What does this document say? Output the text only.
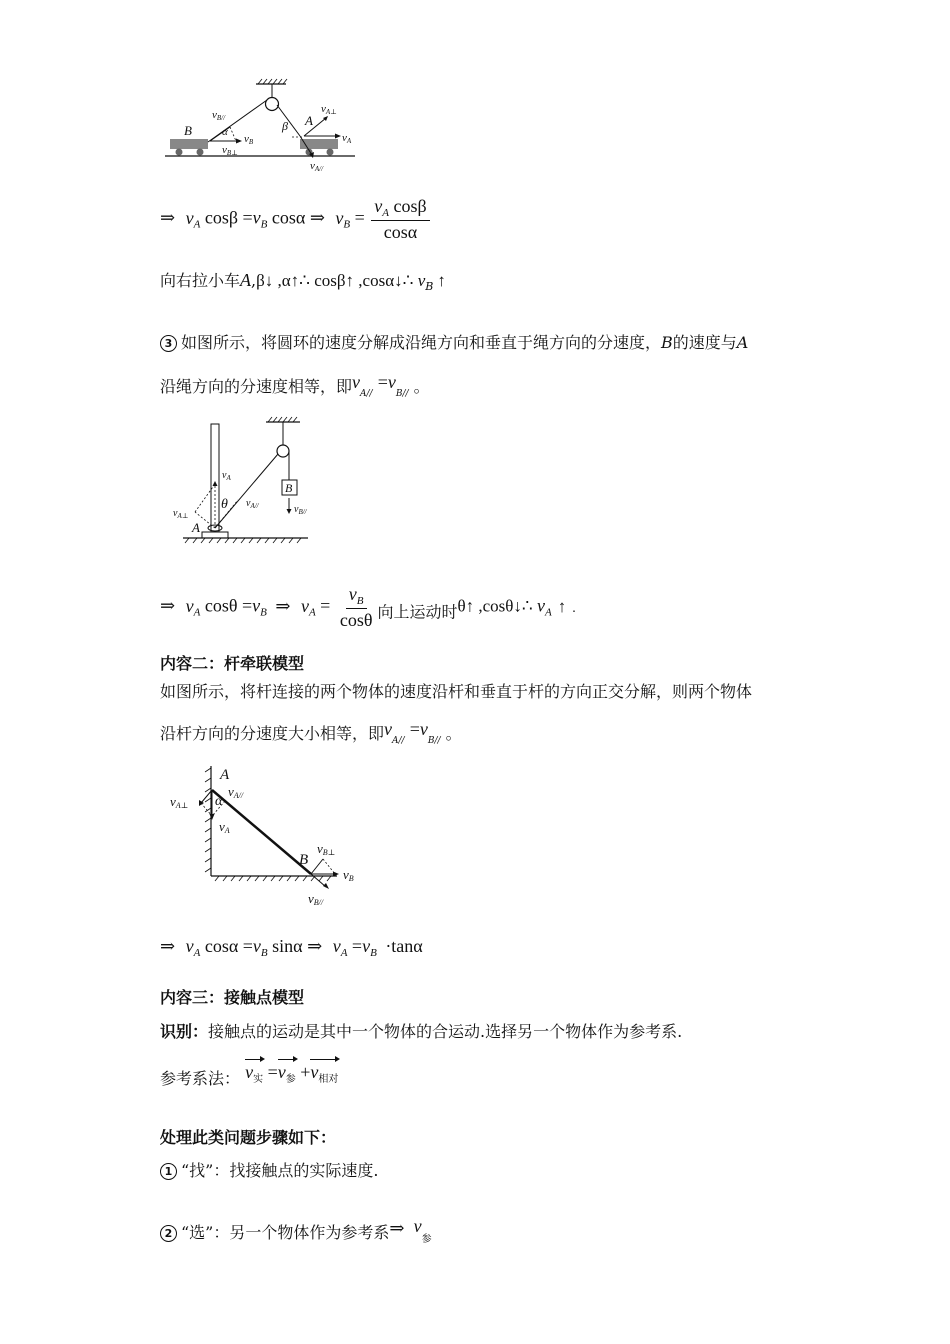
B
A
α	β
vB//
vB
vB⊥
vA⊥
vA
vA//
⇒ $v_A$ $\cos\beta =v_B$ cosα ⇒ $v_B = \frac{v_A \cos\beta}{\cos\alpha}$
向右拉小车A,β↓ ,α↑∴ cosβ↑ ,cosα↓∴ $v_B$ ↑
3 如图所示，将圆环的速度分解成沿绳方向和垂直于绳方向的分速度，B的速度与A
沿绳方向的分速度相等，即$v_{A//} =v_{B//}$ 。
B
$v_{B//}$
A
θ
$v_A$
$v_{A\perp}$
$v_{A//}$
⇒ $v_A$ $\cos\theta =v_B$ ⇒ $v_A = \frac{v_B}{\cos\theta}$ 向上运动时θ↑ ,cosθ↓∴ $v_A$ ↑ .
内容二：杆牵联模型
如图所示，将杆连接的两个物体的速度沿杆和垂直于杆的方向正交分解，则两个物体
沿杆方向的分速度大小相等，即$v_{A//} =v_{B//}$ 。
A
B
α
vA⊥
vA//
vA
vB⊥
vB
vB//
⇒ $v_A$ $\cos\alpha =v_B$ sinα ⇒ $v_A =v_B \cdot\tan\alpha$
内容三：接触点模型
识别：接触点的运动是其中一个物体的合运动.选择另一个物体作为参考系.
参考系法： $v_实 =v_参 +v_{相对}$
处理此类问题步骤如下：
1 “找”：找接触点的实际速度.
2 “选”：另一个物体作为参考系⇒ $v_参$
